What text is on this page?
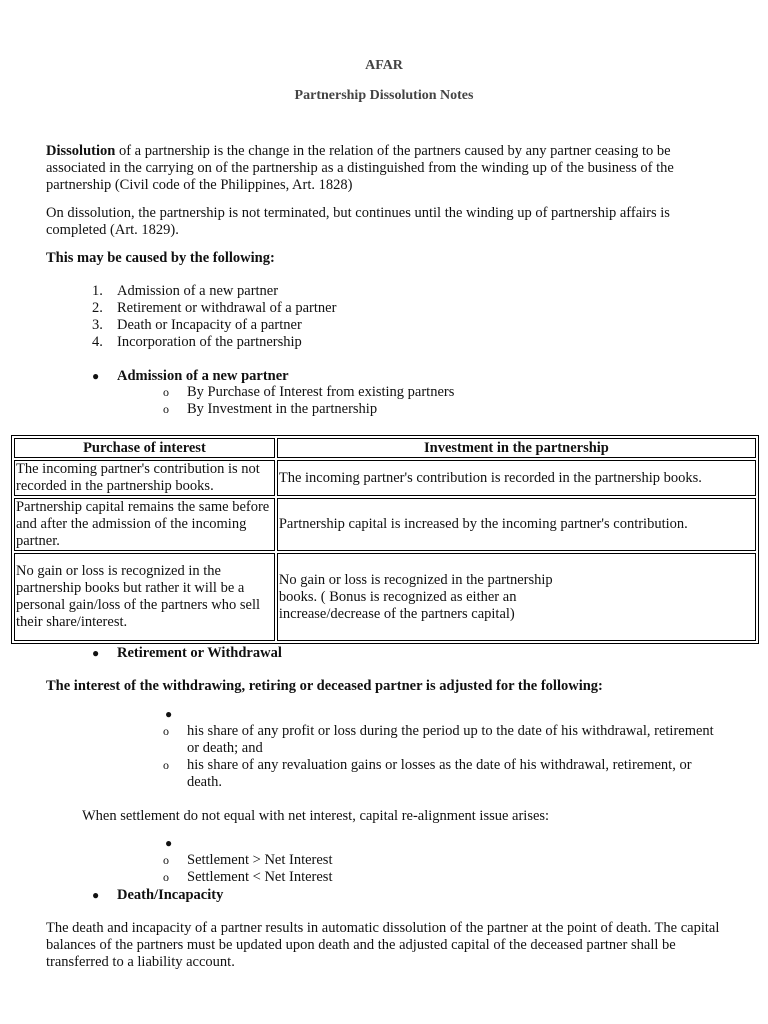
AFAR
Partnership Dissolution Notes

Dissolution of a partnership is the change in the relation of the partners caused by any partner ceasing to be associated in the carrying on of the partnership as a distinguished from the winding up of the business of the partnership (Civil code of the Philippines, Art. 1828)

On dissolution, the partnership is not terminated, but continues until the winding up of partnership affairs is completed (Art. 1829).

This may be caused by the following:

1. Admission of a new partner
2. Retirement or withdrawal of a partner
3. Death or Incapacity of a partner
4. Incorporation of the partnership
● Admission of a new partner
o By Purchase of Interest from existing partners
o By Investment in the partnership
Purchase of interest	Investment in the partnership
The incoming partner's contribution is not recorded in the partnership books.	The incoming partner's contribution is recorded in the partnership books.
Partnership capital remains the same before and after the admission of the incoming partner.	Partnership capital is increased by the incoming partner's contribution.
No gain or loss is recognized in the partnership books but rather it will be a personal gain/loss of the partners who sell their share/interest.	No gain or loss is recognized in the partnership books. ( Bonus is recognized as either an increase/decrease of the partners capital)
● Retirement or Withdrawal

The interest of the withdrawing, retiring or deceased partner is adjusted for the following:

●
o his share of any profit or loss during the period up to the date of his withdrawal, retirement or death; and
o his share of any revaluation gains or losses as the date of his withdrawal, retirement, or death.

When settlement do not equal with net interest, capital re-alignment issue arises:

●
o Settlement > Net Interest
o Settlement < Net Interest
● Death/Incapacity

The death and incapacity of a partner results in automatic dissolution of the partner at the point of death. The capital balances of the partners must be updated upon death and the adjusted capital of the deceased partner shall be transferred to a liability account.
